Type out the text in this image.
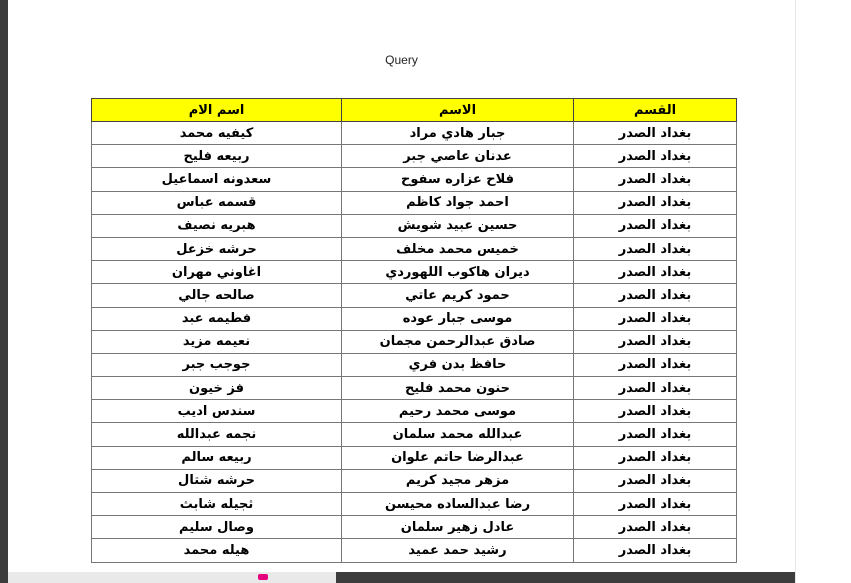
Query
القسم	الاسم	اسم الام
بغداد الصدر	جبار هادي مراد	كيفيه محمد
بغداد الصدر	عدنان عاصي جبر	ربيعه فليح
بغداد الصدر	فلاح عزاره سفوح	سعدونه اسماعيل
بغداد الصدر	احمد جواد كاظم	قسمه عباس
بغداد الصدر	حسين عبيد شويش	هبريه نصيف
بغداد الصدر	خميس محمد مخلف	حرشه خزعل
بغداد الصدر	ديران هاكوب اللهوردي	اغاوني مهران
بغداد الصدر	حمود كريم عاتي	صالحه جالي
بغداد الصدر	موسى جبار عوده	فطيمه عبد
بغداد الصدر	صادق عبدالرحمن مجمان	نعيمه مزيد
بغداد الصدر	حافظ بدن فري	جوجب جبر
بغداد الصدر	حنون محمد فليح	فز خيون
بغداد الصدر	موسى محمد رحيم	سندس اديب
بغداد الصدر	عبدالله محمد سلمان	نجمه عبدالله
بغداد الصدر	عبدالرضا حاتم علوان	ربيعه سالم
بغداد الصدر	مزهر مجيد كريم	حرشه شتال
بغداد الصدر	رضا عبدالساده محيسن	ثجيله شابث
بغداد الصدر	عادل زهير سلمان	وصال سليم
بغداد الصدر	رشيد حمد عميد	هيله محمد
